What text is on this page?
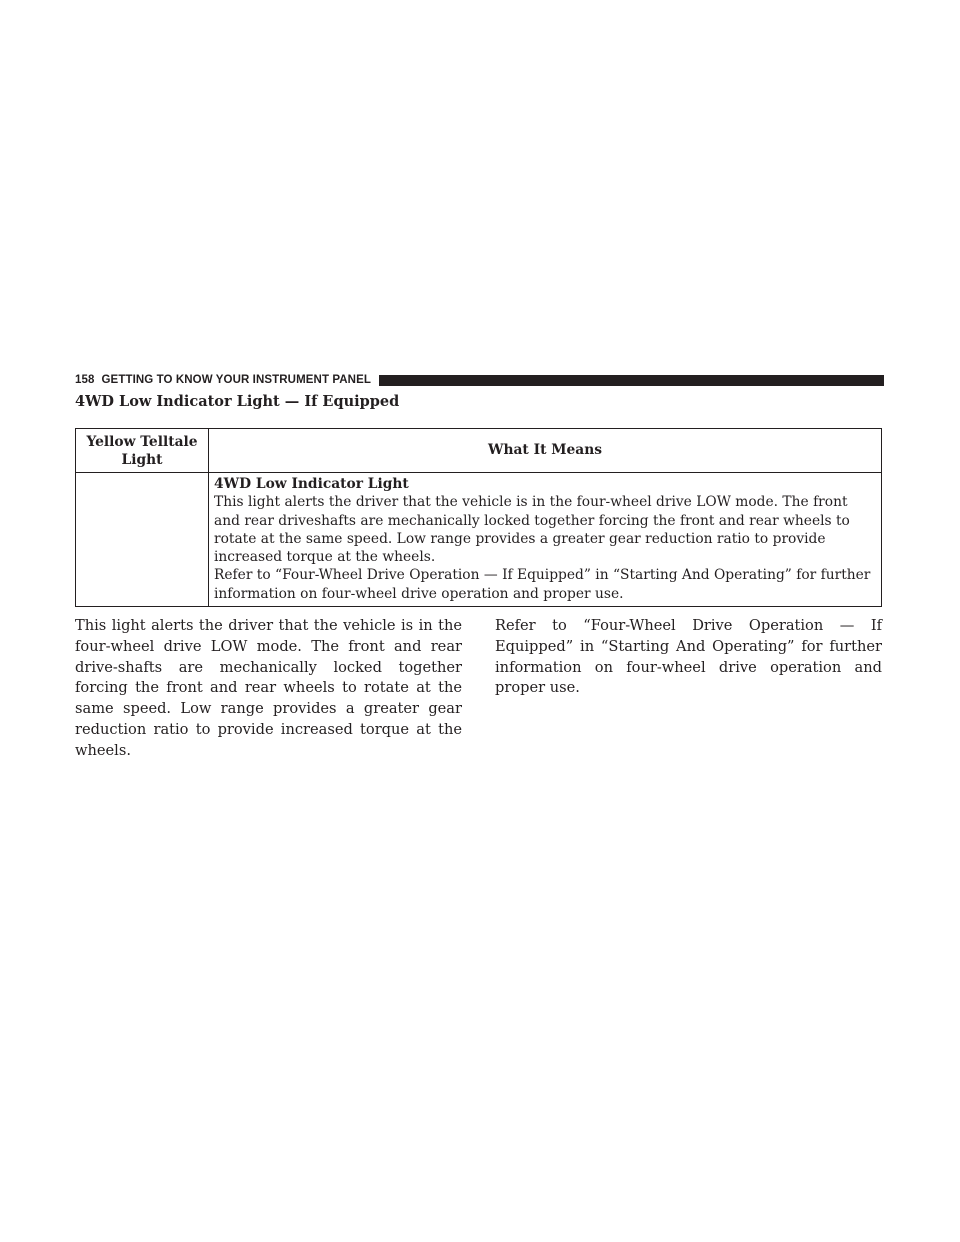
158 GETTING TO KNOW YOUR INSTRUMENT PANEL
4WD Low Indicator Light — If Equipped
Yellow Telltale
Light	What It Means

	4WD Low Indicator Light
This light alerts the driver that the vehicle is in the four-wheel drive LOW mode. The front and rear driveshafts are mechanically locked together forcing the front and rear wheels to rotate at the same speed. Low range provides a greater gear reduction ratio to provide increased torque at the wheels.
Refer to “Four-Wheel Drive Operation — If Equipped” in “Starting And Operating” for further information on four-wheel drive operation and proper use.

This light alerts the driver that the vehicle is in the four-wheel drive LOW mode. The front and rear drive-shafts are mechanically locked together forcing the front and rear wheels to rotate at the same speed. Low range provides a greater gear reduction ratio to provide increased torque at the wheels.

Refer to “Four-Wheel Drive Operation — If Equipped” in “Starting And Operating” for further information on four-wheel drive operation and proper use.
